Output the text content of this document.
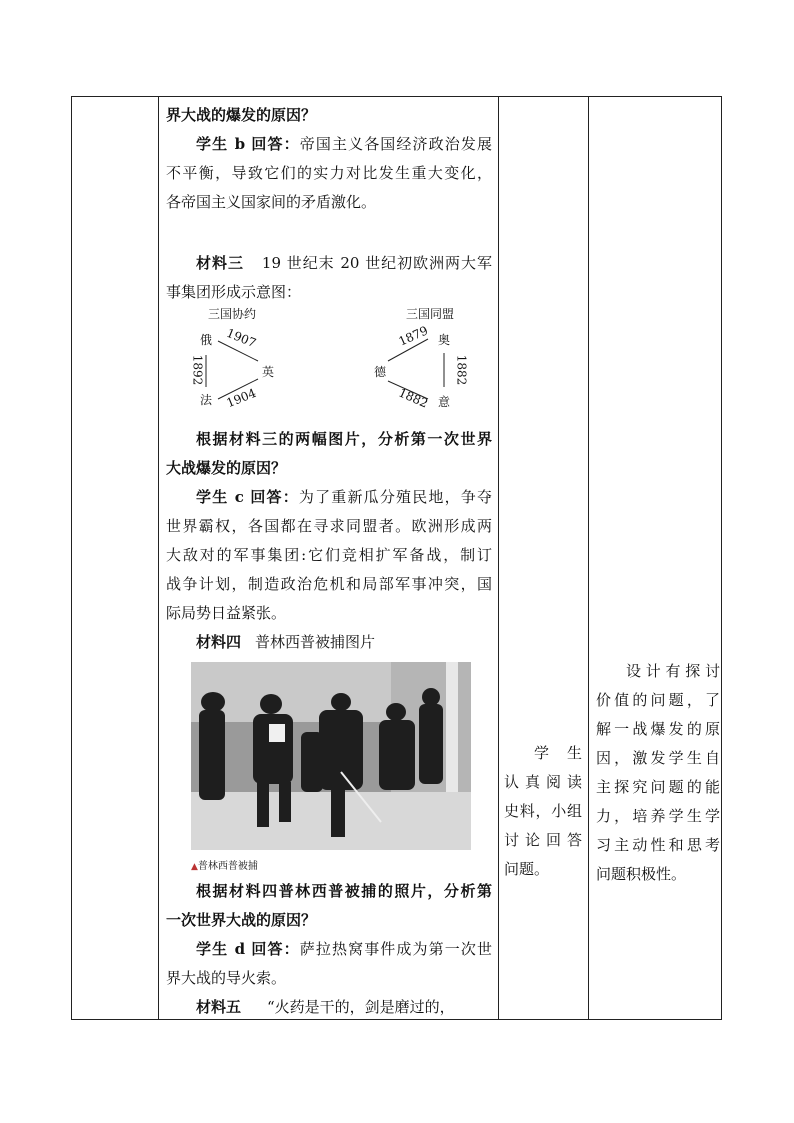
界大战的爆发的原因？

学生 b 回答：帝国主义各国经济政治发展
不平衡，导致它们的实力对比发生重大变化，
各帝国主义国家间的矛盾激化。
材料三 19 世纪末 20 世纪初欧洲两大军
事集团形成示意图：
三国协约
俄
英
法
1907
1892
1904
三国同盟
奥
德
意
1879
1882
1882
根据材料三的两幅图片，分析第一次世界
大战爆发的原因？
学生 c 回答：为了重新瓜分殖民地，争夺
世界霸权，各国都在寻求同盟者。欧洲形成两
大敌对的军事集团:它们竞相扩军备战，制订
战争计划，制造政治危机和局部军事冲突，国
际局势日益紧张。
材料四 普林西普被捕图片
▲普林西普被捕
根据材料四普林西普被捕的照片，分析第
一次世界大战的原因？
学生 d 回答：萨拉热窝事件成为第一次世
界大战的导火索。
材料五 “火药是干的，剑是磨过的，
学 生
认真阅读
史料，小组
讨论回答
问题。
设计有探讨
价值的问题，了
解一战爆发的原
因，激发学生自
主探究问题的能
力，培养学生学
习主动性和思考
问题积极性。
